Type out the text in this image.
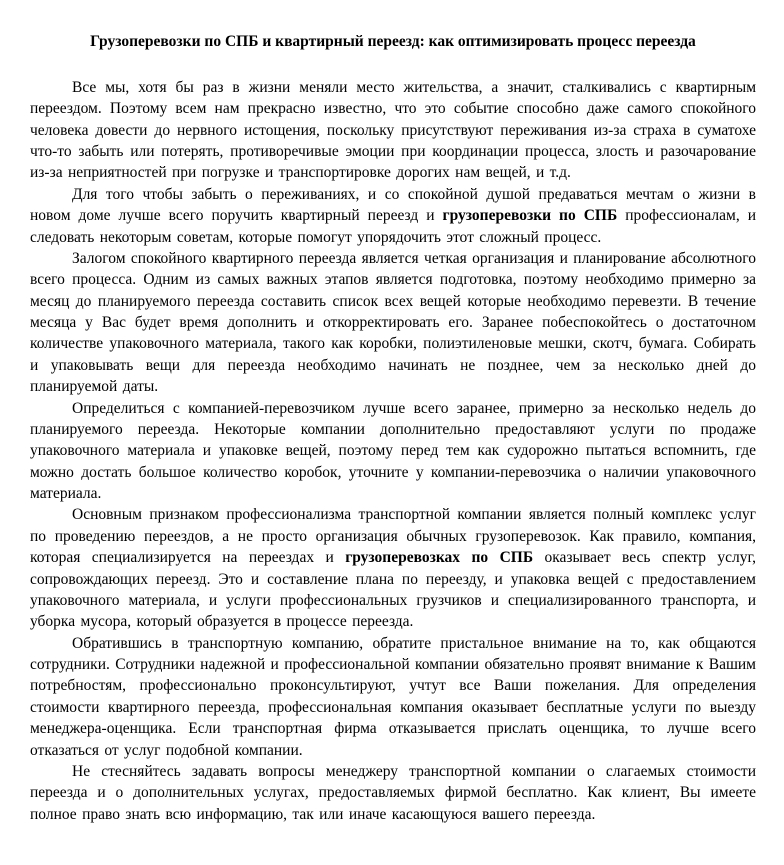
Грузоперевозки по СПБ и квартирный переезд: как оптимизировать процесс переезда

Все мы, хотя бы раз в жизни меняли место жительства, а значит, сталкивались с квартирным переездом. Поэтому всем нам прекрасно известно, что это событие способно даже самого спокойного человека довести до нервного истощения, поскольку присутствуют переживания из-за страха в суматохе что-то забыть или потерять, противоречивые эмоции при координации процесса, злость и разочарование из-за неприятностей при погрузке и транспортировке дорогих нам вещей, и т.д.

Для того чтобы забыть о переживаниях, и со спокойной душой предаваться мечтам о жизни в новом доме лучше всего поручить квартирный переезд и грузоперевозки по СПБ профессионалам, и следовать некоторым советам, которые помогут упорядочить этот сложный процесс.

Залогом спокойного квартирного переезда является четкая организация и планирование абсолютного всего процесса. Одним из самых важных этапов является подготовка, поэтому необходимо примерно за месяц до планируемого переезда составить список всех вещей которые необходимо перевезти. В течение месяца у Вас будет время дополнить и откорректировать его. Заранее побеспокойтесь о достаточном количестве упаковочного материала, такого как коробки, полиэтиленовые мешки, скотч, бумага. Собирать и упаковывать вещи для переезда необходимо начинать не позднее, чем за несколько дней до планируемой даты.

Определиться с компанией-перевозчиком лучше всего заранее, примерно за несколько недель до планируемого переезда. Некоторые компании дополнительно предоставляют услуги по продаже упаковочного материала и упаковке вещей, поэтому перед тем как судорожно пытаться вспомнить, где можно достать большое количество коробок, уточните у компании-перевозчика о наличии упаковочного материала.

Основным признаком профессионализма транспортной компании является полный комплекс услуг по проведению переездов, а не просто организация обычных грузоперевозок. Как правило, компания, которая специализируется на переездах и грузоперевозках по СПБ оказывает весь спектр услуг, сопровождающих переезд. Это и составление плана по переезду, и упаковка вещей с предоставлением упаковочного материала, и услуги профессиональных грузчиков и специализированного транспорта, и уборка мусора, который образуется в процессе переезда.

Обратившись в транспортную компанию, обратите пристальное внимание на то, как общаются сотрудники. Сотрудники надежной и профессиональной компании обязательно проявят внимание к Вашим потребностям, профессионально проконсультируют, учтут все Ваши пожелания. Для определения стоимости квартирного переезда, профессиональная компания оказывает бесплатные услуги по выезду менеджера-оценщика. Если транспортная фирма отказывается прислать оценщика, то лучше всего отказаться от услуг подобной компании.

Не стесняйтесь задавать вопросы менеджеру транспортной компании о слагаемых стоимости переезда и о дополнительных услугах, предоставляемых фирмой бесплатно. Как клиент, Вы имеете полное право знать всю информацию, так или иначе касающуюся вашего переезда.
